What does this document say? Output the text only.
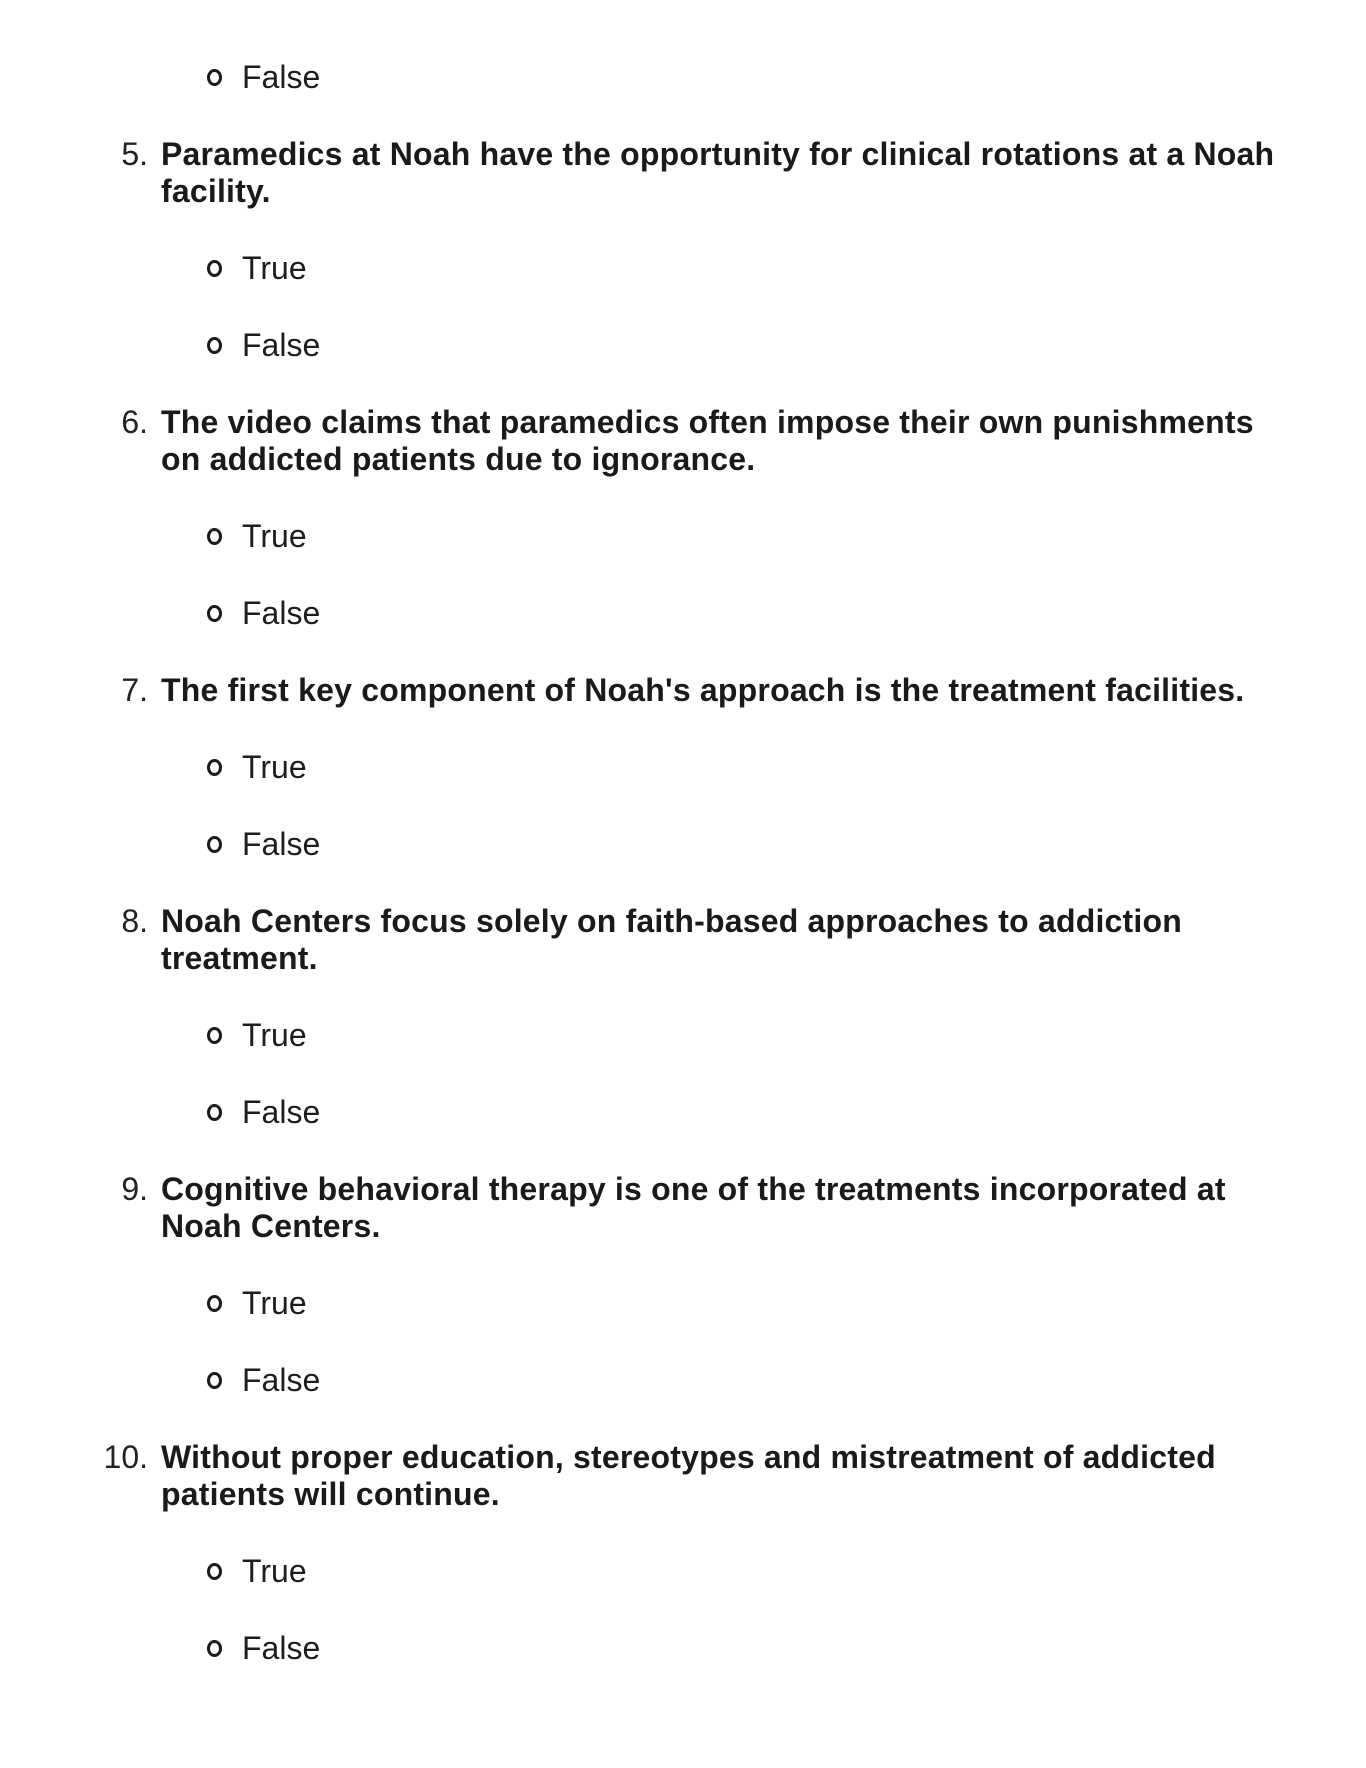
False
5. Paramedics at Noah have the opportunity for clinical rotations at a Noah facility.
True
False
6. The video claims that paramedics often impose their own punishments on addicted patients due to ignorance.
True
False
7. The first key component of Noah's approach is the treatment facilities.
True
False
8. Noah Centers focus solely on faith-based approaches to addiction treatment.
True
False
9. Cognitive behavioral therapy is one of the treatments incorporated at Noah Centers.
True
False
10. Without proper education, stereotypes and mistreatment of addicted patients will continue.
True
False
